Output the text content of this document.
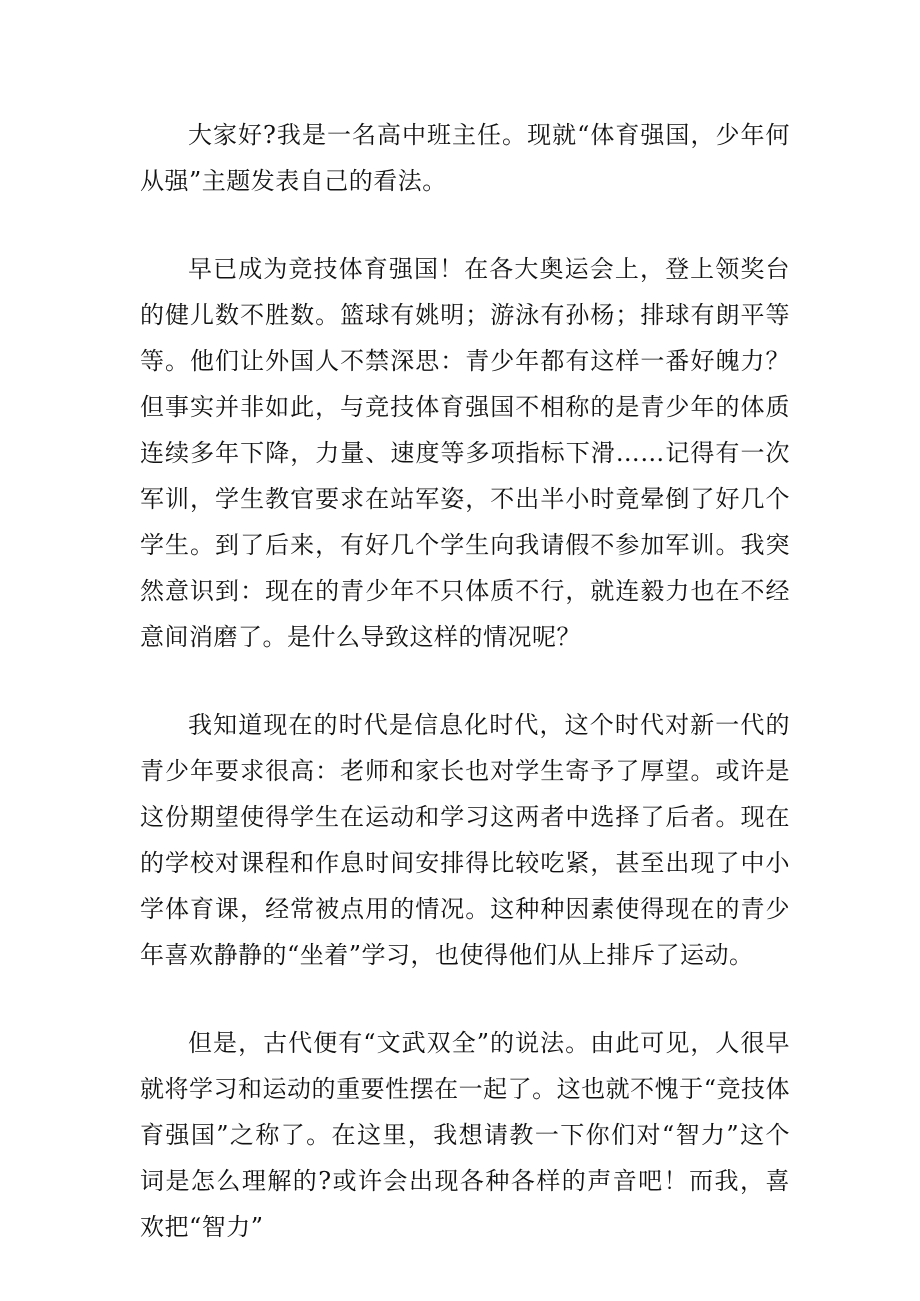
大家好?我是一名高中班主任。现就“体育强国，少年何从强”主题发表自己的看法。

早已成为竞技体育强国！在各大奥运会上，登上领奖台的健儿数不胜数。篮球有姚明；游泳有孙杨；排球有朗平等等。他们让外国人不禁深思：青少年都有这样一番好魄力？但事实并非如此，与竞技体育强国不相称的是青少年的体质连续多年下降，力量、速度等多项指标下滑……记得有一次军训，学生教官要求在站军姿，不出半小时竟晕倒了好几个学生。到了后来，有好几个学生向我请假不参加军训。我突然意识到：现在的青少年不只体质不行，就连毅力也在不经意间消磨了。是什么导致这样的情况呢？

我知道现在的时代是信息化时代，这个时代对新一代的青少年要求很高：老师和家长也对学生寄予了厚望。或许是这份期望使得学生在运动和学习这两者中选择了后者。现在的学校对课程和作息时间安排得比较吃紧，甚至出现了中小学体育课，经常被点用的情况。这种种因素使得现在的青少年喜欢静静的“坐着”学习，也使得他们从上排斥了运动。

但是，古代便有“文武双全”的说法。由此可见，人很早就将学习和运动的重要性摆在一起了。这也就不愧于“竞技体育强国”之称了。在这里，我想请教一下你们对“智力”这个词是怎么理解的?或许会出现各种各样的声音吧！而我，喜欢把“智力”
